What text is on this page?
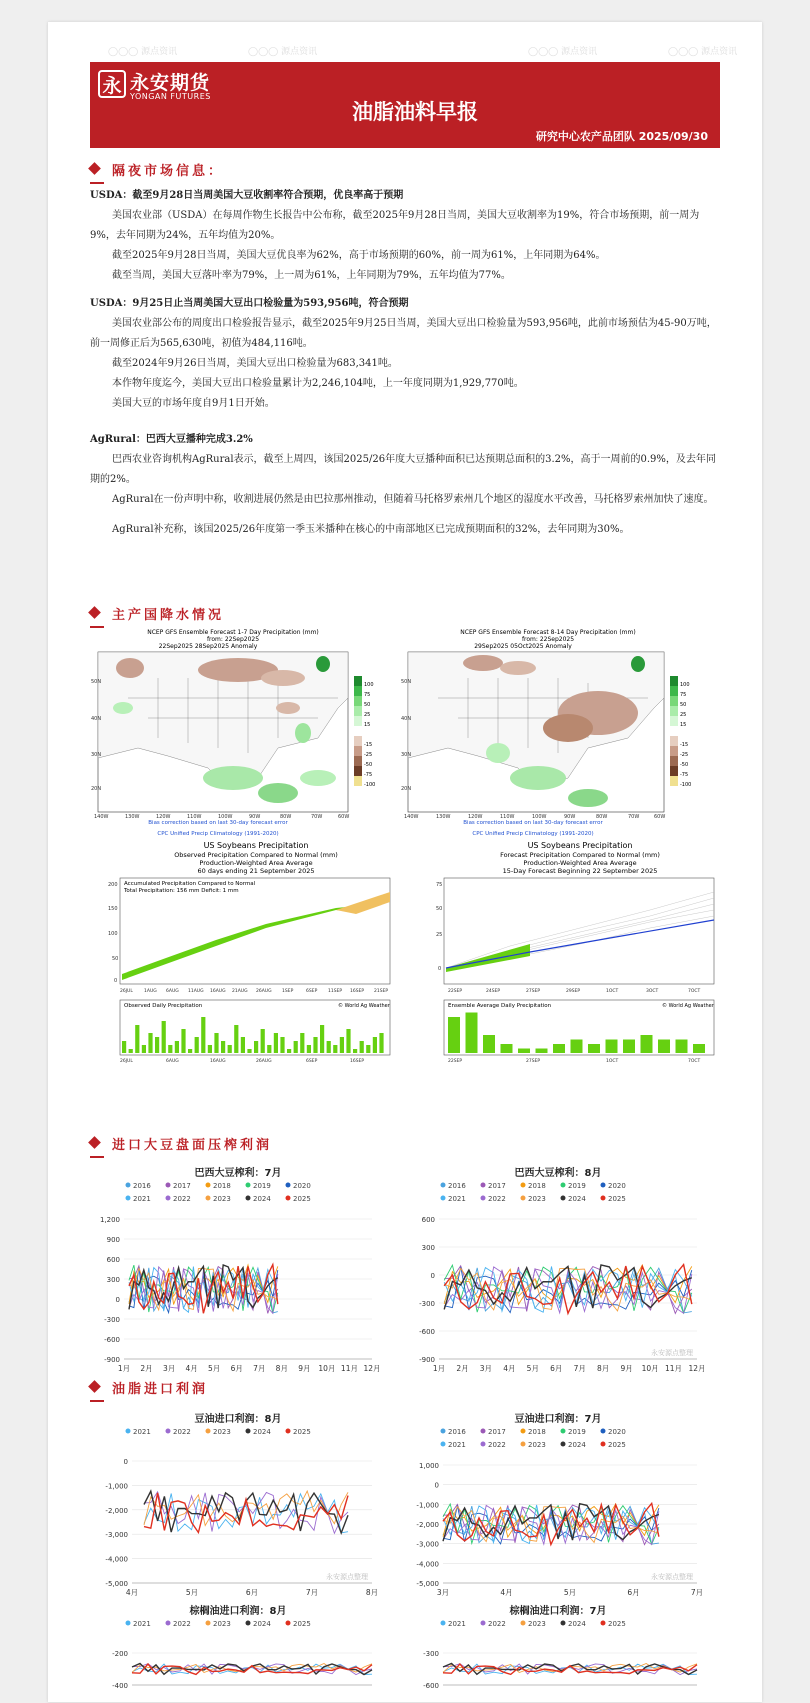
◯◯◯ 源点资讯	◯◯◯ 源点资讯	◯◯◯ 源点资讯	◯◯◯ 源点资讯
永 永安期货
YONGAN FUTURES
油脂油料早报
研究中心农产品团队 2025/09/30
隔夜市场信息：

USDA：截至9月28日当周美国大豆收割率符合预期，优良率高于预期

美国农业部（USDA）在每周作物生长报告中公布称，截至2025年9月28日当周，美国大豆收割率为19%，符合市场预期，前一周为9%，去年同期为24%，五年均值为20%。

截至2025年9月28日当周，美国大豆优良率为62%，高于市场预期的60%，前一周为61%，上年同期为64%。

截至当周，美国大豆落叶率为79%，上一周为61%，上年同期为79%，五年均值为77%。

USDA：9月25日止当周美国大豆出口检验量为593,956吨，符合预期

美国农业部公布的周度出口检验报告显示，截至2025年9月25日当周，美国大豆出口检验量为593,956吨，此前市场预估为45-90万吨，前一周修正后为565,630吨，初值为484,116吨。

截至2024年9月26日当周，美国大豆出口检验量为683,341吨。

本作物年度迄今，美国大豆出口检验量累计为2,246,104吨，上一年度同期为1,929,770吨。

美国大豆的市场年度自9月1日开始。

AgRural：巴西大豆播种完成3.2%

巴西农业咨询机构AgRural表示，截至上周四，该国2025/26年度大豆播种面积已达预期总面积的3.2%，高于一周前的0.9%，及去年同期的2%。

AgRural在一份声明中称，收割进展仍然是由巴拉那州推动，但随着马托格罗索州几个地区的湿度水平改善，马托格罗索州加快了速度。

AgRural补充称，该国2025/26年度第一季玉米播种在核心的中南部地区已完成预期面积的32%，去年同期为30%。

主产国降水情况
NCEP GFS Ensemble Forecast 1-7 Day Precipitation (mm)
from: 22Sep2025
22Sep2025 28Sep2025 Anomaly
100
75
50
25
15
-15
-25
-50
-75
-100
50N
40N
30N
20N
140W	130W	120W	110W	100W	90W	80W	70W	60W
Bias correction based on last 30-day forecast error
CPC Unified Precip Climatology (1991-2020)
NCEP GFS Ensemble Forecast 8-14 Day Precipitation (mm)
from: 22Sep2025
29Sep2025 05Oct2025 Anomaly
100
75
50
25
15
-15
-25
-50
-75
-100
50N
40N
30N
20N
140W	130W	120W	110W	100W	90W	80W	70W	60W
Bias correction based on last 30-day forecast error
CPC Unified Precip Climatology (1991-2020)
US Soybeans Precipitation
Observed Precipitation Compared to Normal (mm)
Production-Weighted Area Average
60 days ending 21 September 2025
Accumulated Precipitation Compared to Normal
Total Precipitation: 156 mm Deficit: 1 mm
200
150
100
50
0
26JUL 1AUG 6AUG 11AUG 16AUG 21AUG 26AUG 1SEP	6SEP 11SEP 16SEP 21SEP
Observed Daily Precipitation	© World Ag Weather
26JUL	6AUG	16AUG	26AUG	6SEP	16SEP
US Soybeans Precipitation
Forecast Precipitation Compared to Normal (mm)
Production-Weighted Area Average
15-Day Forecast Beginning 22 September 2025
75
50
25
0
22SEP	24SEP	27SEP	29SEP	1OCT	3OCT	7OCT
Ensemble Average Daily Precipitation	© World Ag Weather
22SEP	27SEP	1OCT	7OCT
进口大豆盘面压榨利润
巴西大豆榨利：7月
2016	2017	2018	2019	2020
2021	2022	2023	2024	2025
1,200
900
600
300
0
-300
-600
-900
1月 2月 3月 4月 5月 6月 7月 8月 9月 10月 11月 12月
巴西大豆榨利：8月
2016	2017	2018	2019	2020
2021	2022	2023	2024	2025
600
300
0
-300
-600
-900
1月 2月 3月 4月 5月 6月 7月 8月 9月 10月 11月 12月
永安源点整理
油脂进口利润
豆油进口利润：8月
2021	2022	2023	2024	2025
0
-1,000
-2,000
-3,000
-4,000
-5,000
4月	5月	6月	7月	8月
永安源点整理
豆油进口利润：7月
2016	2017	2018	2019	2020
2021	2022	2023	2024	2025
1,000
0
-1,000
-2,000
-3,000
-4,000
-5,000
3月	4月	5月	6月	7月
永安源点整理
棕榈油进口利润：8月
2021	2022	2023	2024	2025
-200
-400
棕榈油进口利润：7月
2021	2022	2023	2024	2025
-300
-600
